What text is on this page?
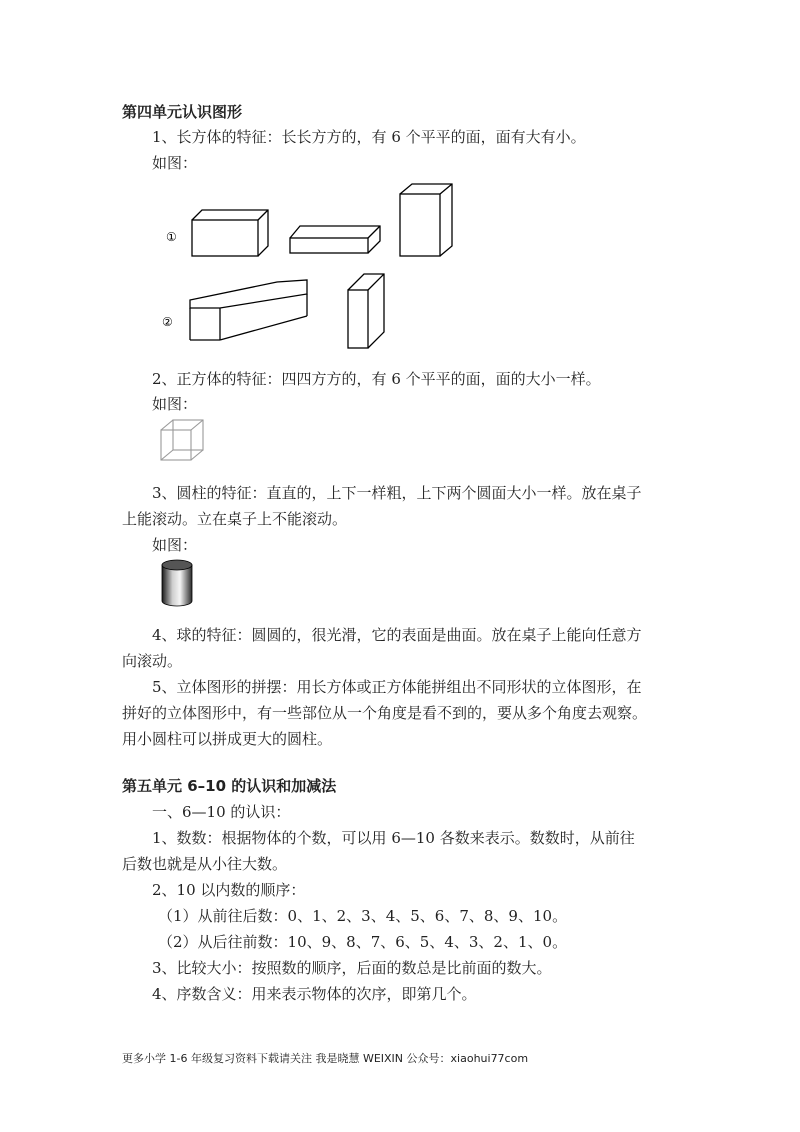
第四单元认识图形
1、长方体的特征：长长方方的，有 6 个平平的面，面有大有小。
如图：
①
②
2、正方体的特征：四四方方的，有 6 个平平的面，面的大小一样。
如图：
3、圆柱的特征：直直的，上下一样粗，上下两个圆面大小一样。放在桌子
上能滚动。立在桌子上不能滚动。
如图：
4、球的特征：圆圆的，很光滑，它的表面是曲面。放在桌子上能向任意方
向滚动。
5、立体图形的拼摆：用长方体或正方体能拼组出不同形状的立体图形，在
拼好的立体图形中，有一些部位从一个角度是看不到的，要从多个角度去观察。
用小圆柱可以拼成更大的圆柱。
第五单元 6–10 的认识和加减法
一、6—10 的认识：
1、数数：根据物体的个数，可以用 6—10 各数来表示。数数时，从前往
后数也就是从小往大数。
2、10 以内数的顺序：
（1）从前往后数：0、1、2、3、4、5、6、7、8、9、10。
（2）从后往前数：10、9、8、7、6、5、4、3、2、1、0。
3、比较大小：按照数的顺序，后面的数总是比前面的数大。
4、序数含义：用来表示物体的次序，即第几个。
更多小学 1-6 年级复习资料下载请关注 我是晓慧 WEIXIN 公众号：xiaohui77com
